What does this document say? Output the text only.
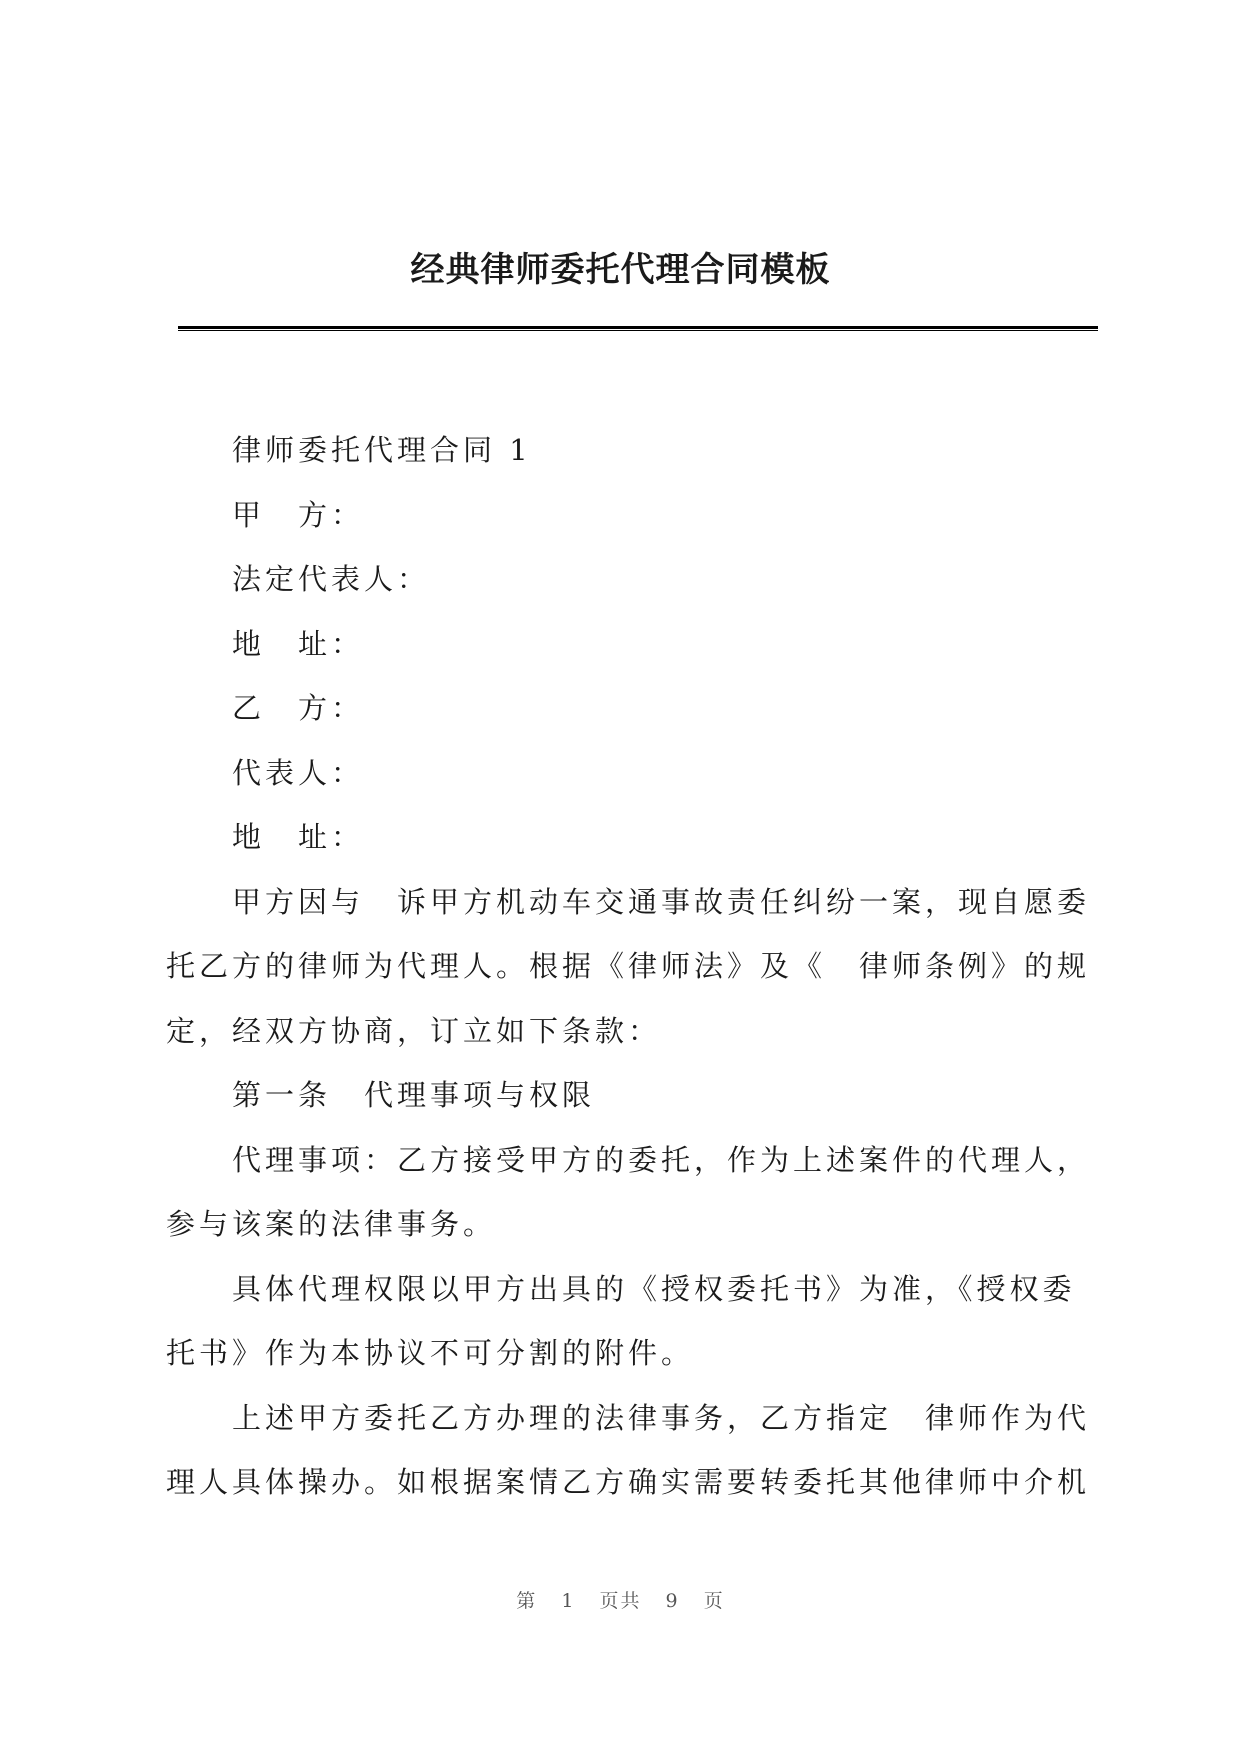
经典律师委托代理合同模板
律师委托代理合同 1
甲　方：
法定代表人：
地　址：
乙　方：
代表人：
地　址：
甲方因与　诉甲方机动车交通事故责任纠纷一案，现自愿委
托乙方的律师为代理人。根据《律师法》及《　律师条例》的规
定，经双方协商，订立如下条款：
第一条　代理事项与权限
代理事项：乙方接受甲方的委托，作为上述案件的代理人，
参与该案的法律事务。
具体代理权限以甲方出具的《授权委托书》为准，《授权委
托书》作为本协议不可分割的附件。
上述甲方委托乙方办理的法律事务，乙方指定　律师作为代
理人具体操办。如根据案情乙方确实需要转委托其他律师中介机
第 1 页共 9 页
